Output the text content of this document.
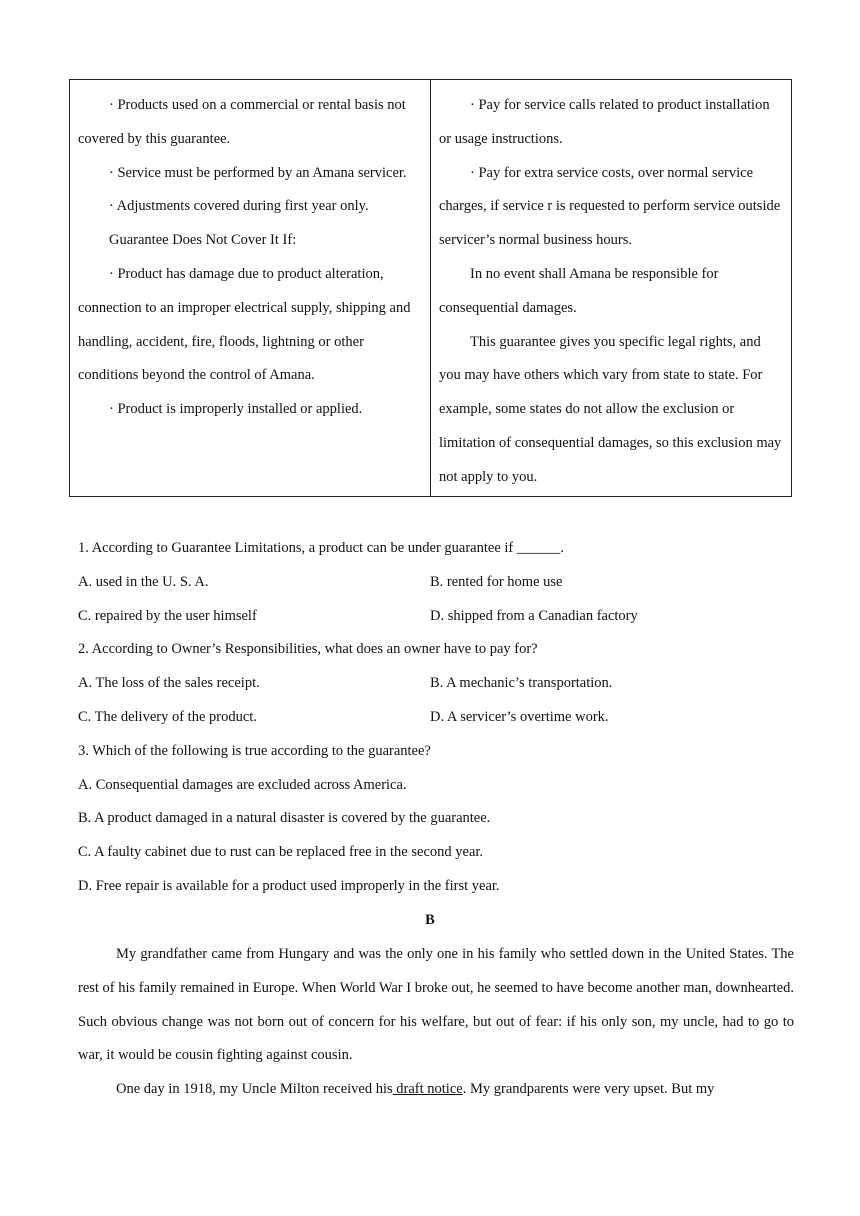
· Products used on a commercial or rental basis not covered by this guarantee.

· Service must be performed by an Amana servicer.

· Adjustments covered during first year only.

Guarantee Does Not Cover It If:

· Product has damage due to product alteration, connection to an improper electrical supply, shipping and handling, accident, fire, floods, lightning or other conditions beyond the control of Amana.

· Product is improperly installed or applied.

· Pay for service calls related to product installation or usage instructions.

· Pay for extra service costs, over normal service charges, if service r is requested to perform service outside servicer’s normal business hours.

In no event shall Amana be responsible for consequential damages.

This guarantee gives you specific legal rights, and you may have others which vary from state to state. For example, some states do not allow the exclusion or limitation of consequential damages, so this exclusion may not apply to you.

1. According to Guarantee Limitations, a product can be under guarantee if ______.
A. used in the U. S. A.	B. rented for home use
C. repaired by the user himself	D. shipped from a Canadian factory
2. According to Owner’s Responsibilities, what does an owner have to pay for?
A. The loss of the sales receipt.	B. A mechanic’s transportation.
C. The delivery of the product.	D. A servicer’s overtime work.
3. Which of the following is true according to the guarantee?
A. Consequential damages are excluded across America.
B. A product damaged in a natural disaster is covered by the guarantee.
C. A faulty cabinet due to rust can be replaced free in the second year.
D. Free repair is available for a product used improperly in the first year.
B

My grandfather came from Hungary and was the only one in his family who settled down in the United States. The rest of his family remained in Europe. When World War I broke out, he seemed to have become another man, downhearted. Such obvious change was not born out of concern for his welfare, but out of fear: if his only son, my uncle, had to go to war, it would be cousin fighting against cousin.

One day in 1918, my Uncle Milton received his draft notice. My grandparents were very upset. But my
